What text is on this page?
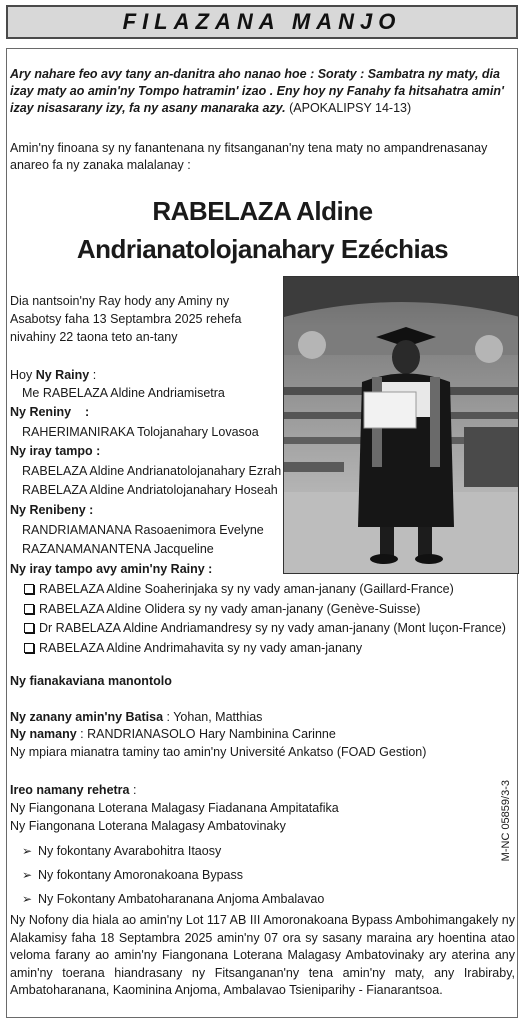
FILAZANA MANJO
Ary nahare feo avy tany an-danitra aho nanao hoe : Soraty : Sambatra ny maty, dia izay maty ao amin'ny Tompo hatramin' izao . Eny hoy ny Fanahy fa hitsahatra amin' izay nisasarany izy, fa ny asany manaraka azy. (APOKALIPSY 14-13)
Amin'ny finoana sy ny fanantenana ny fitsanganan'ny tena maty no ampandrenasanay anareo fa ny zanaka malalanay :
RABELAZA Aldine
Andrianatolojanahary Ezéchias
Dia nantsoin'ny Ray hody any Aminy ny Asabotsy faha 13 Septambra 2025 rehefa nivahiny 22 taona teto an-tany
Hoy Ny Rainy :
Me RABELAZA Aldine Andriamisetra
Ny Reniny    :
RAHERIMANIRAKA Tolojanahary Lovasoa
Ny iray tampo :
RABELAZA Aldine Andrianatolojanahary Ezrah
RABELAZA Aldine Andriatolojanahary Hoseah
Ny Renibeny :
RANDRIAMANANA Rasoaenimora Evelyne
RAZANAMANANTENA Jacqueline
Ny iray tampo avy amin'ny Rainy :
RABELAZA Aldine Soaherinjaka sy ny vady aman-janany (Gaillard-France)
RABELAZA Aldine Olidera sy ny vady aman-janany (Genève-Suisse)
Dr RABELAZA Aldine Andriamandresy sy ny vady aman-janany (Mont luçon-France)
RABELAZA Aldine Andrimahavita sy ny vady aman-janany
Ny fianakaviana manontolo
Ny zanany amin'ny Batisa : Yohan, Matthias
Ny namany : RANDRIANASOLO Hary Nambinina Carinne
Ny mpiara mianatra taminy tao amin'ny Université Ankatso (FOAD Gestion)
Ireo namany rehetra :
Ny Fiangonana Loterana Malagasy Fiadanana Ampitatafika
Ny Fiangonana Loterana Malagasy Ambatovinaky
➢ Ny fokontany Avarabohitra Itaosy
➢ Ny fokontany Amoronakoana Bypass
➢ Ny Fokontany Ambatoharanana Anjoma Ambalavao
M-NC 05859/3-3
Ny Nofony dia hiala ao amin'ny Lot 117 AB III Amoronakoana Bypass Ambohimangakely ny Alakamisy faha 18 Septambra 2025 amin'ny 07 ora sy sasany maraina ary hoentina atao veloma farany ao amin'ny Fiangonana Loterana Malagasy Ambatovinaky ary aterina any amin'ny toerana hiandrasany ny Fitsanganan'ny tena amin'ny maty, any Irabiraby, Ambatoharanana, Kaominina Anjoma, Ambalavao Tsieniparihy - Fianarantsoa.
